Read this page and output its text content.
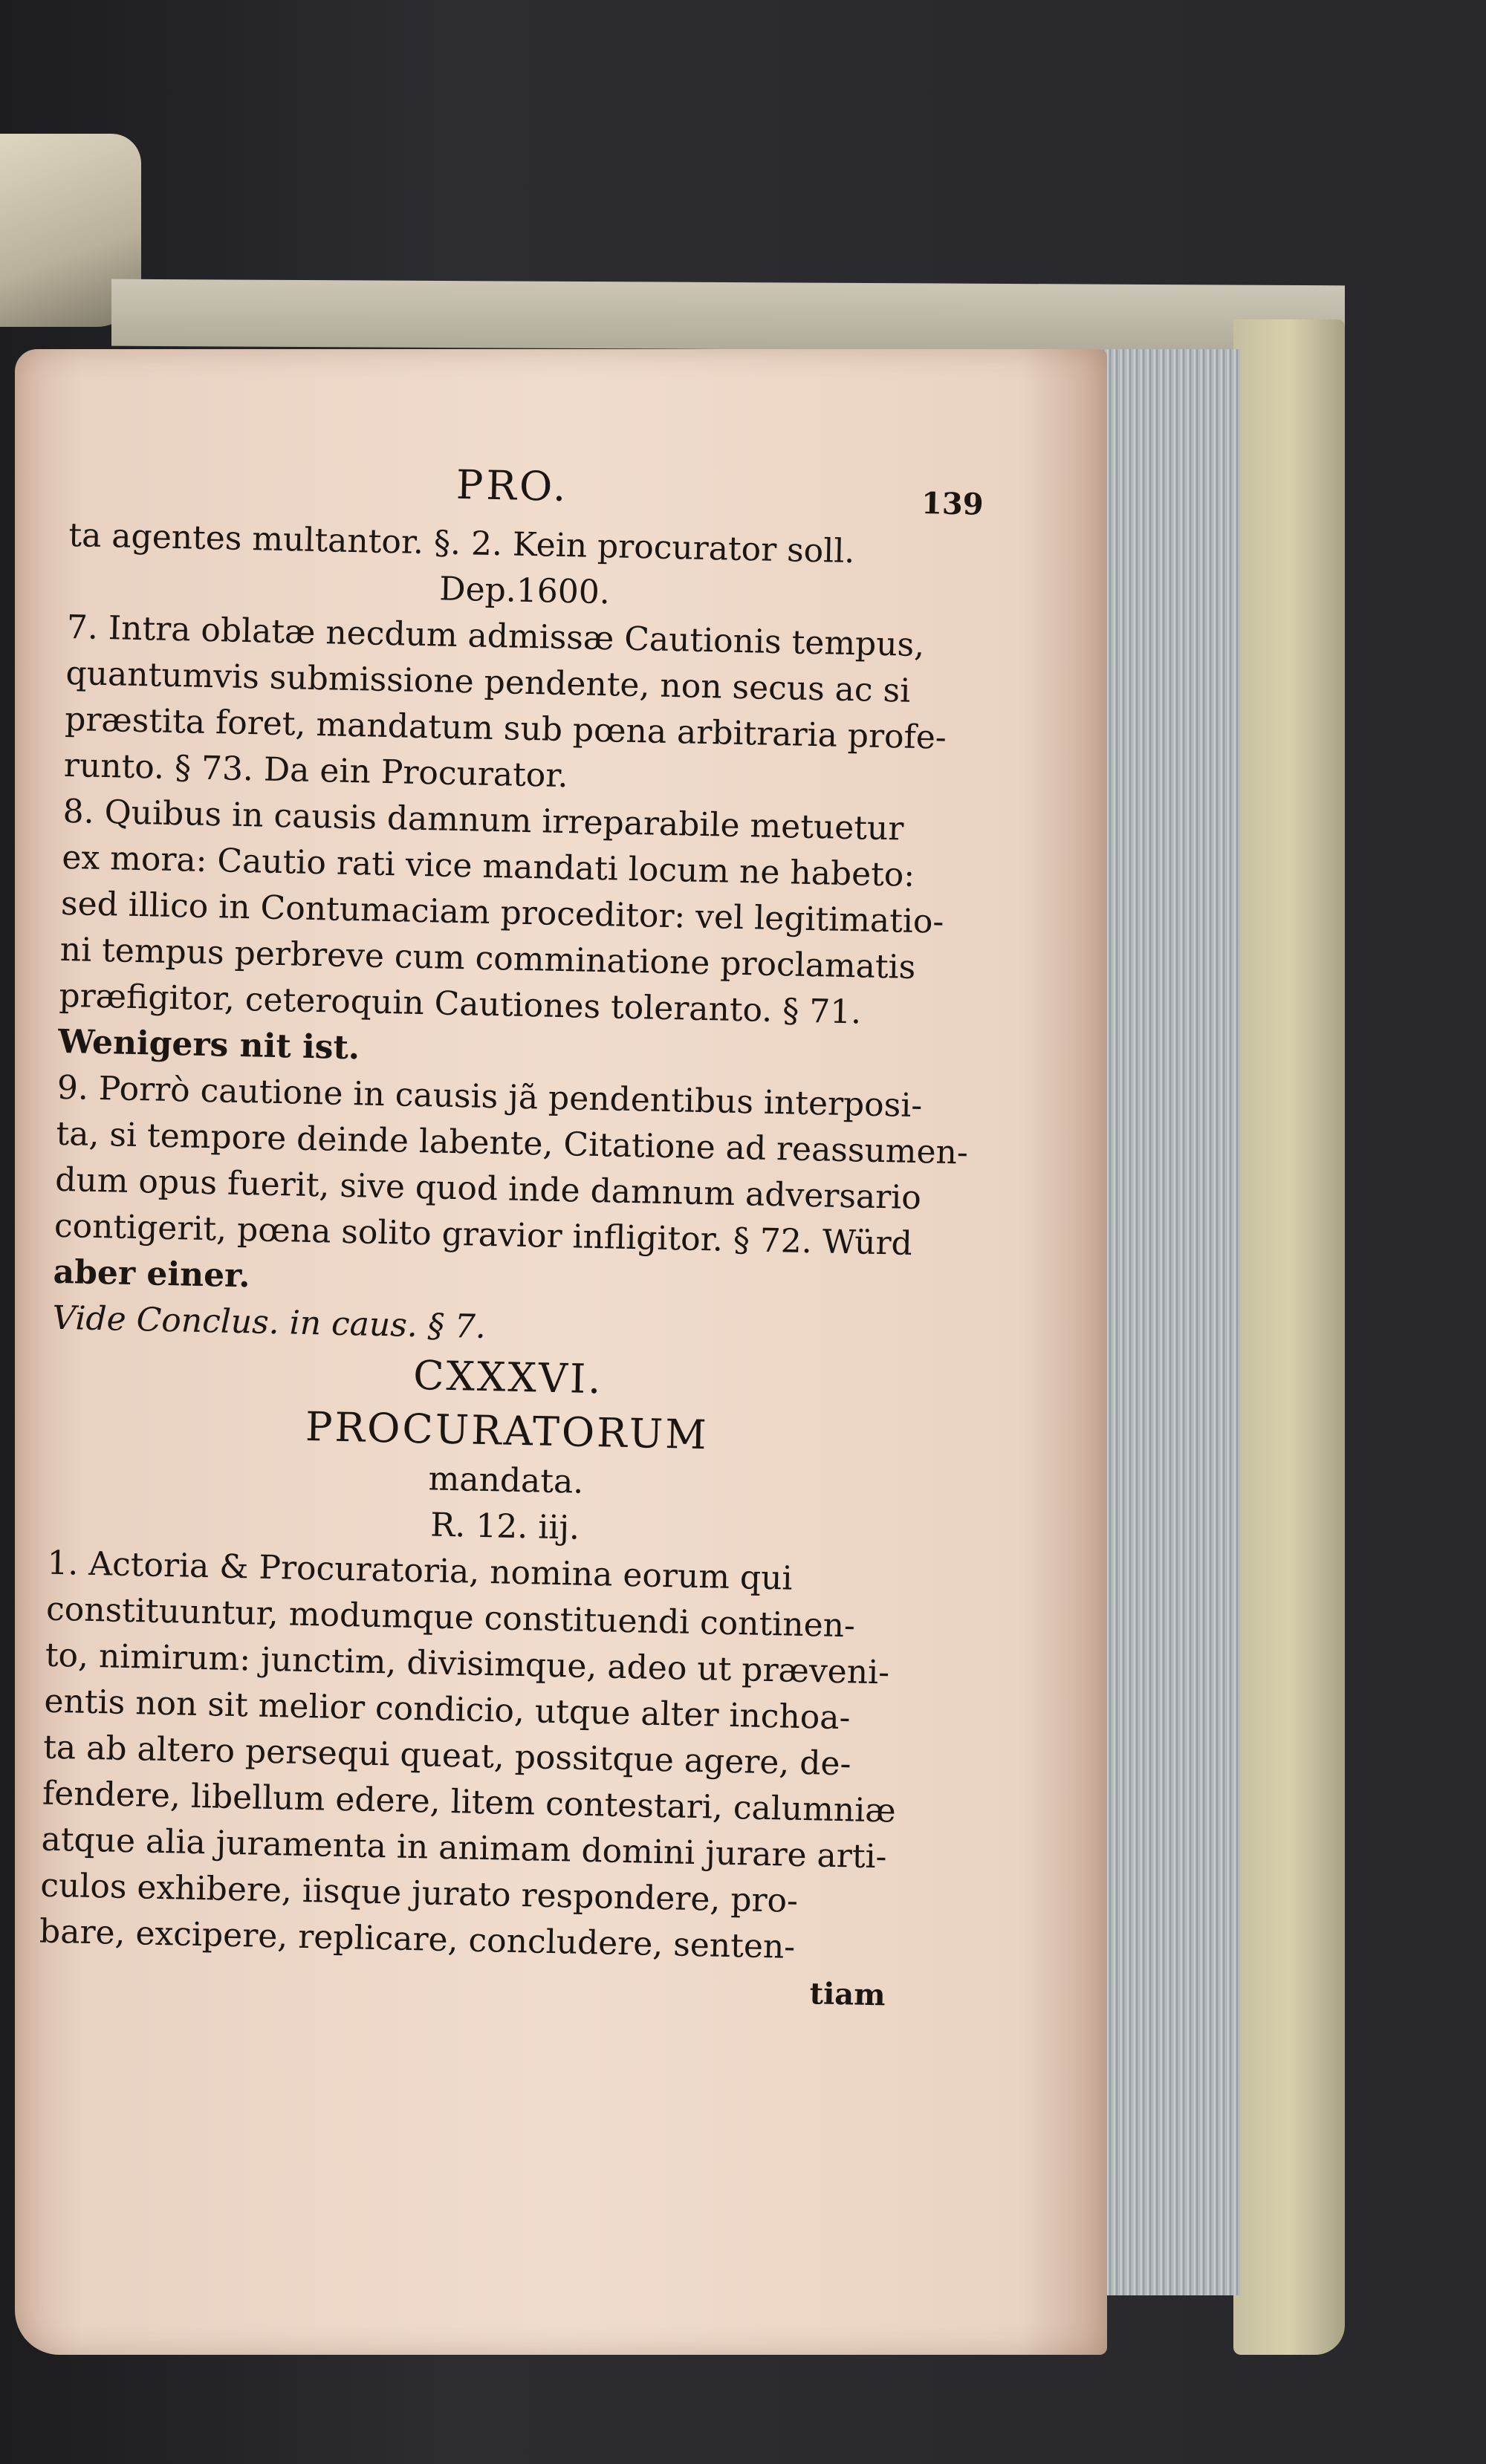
PRO.	139
ta agentes multantor. §. 2. Kein procurator soll.
Dep.1600.
7. Intra oblatæ necdum admissæ Cautionis tempus,
quantumvis submissione pendente, non secus ac si
præstita foret, mandatum sub pœna arbitraria profe-
runto. § 73. Da ein Procurator.
8. Quibus in causis damnum irreparabile metuetur
ex mora: Cautio rati vice mandati locum ne habeto:
sed illico in Contumaciam proceditor: vel legitimatio-
ni tempus perbreve cum comminatione proclamatis
præfigitor, ceteroquin Cautiones toleranto. § 71.
Wenigers nit ist.
9. Porrò cautione in causis jã pendentibus interposi-
ta, si tempore deinde labente, Citatione ad reassumen-
dum opus fuerit, sive quod inde damnum adversario
contigerit, pœna solito gravior infligitor. § 72. Würd
aber einer.
Vide Conclus. in caus. § 7.
CXXXVI.
PROCURATORUM
mandata.
R. 12. iij.
1. Actoria & Procuratoria, nomina eorum qui
constituuntur, modumque constituendi continen-
to, nimirum: junctim, divisimque, adeo ut præveni-
entis non sit melior condicio, utque alter inchoa-
ta ab altero persequi queat, possitque agere, de-
fendere, libellum edere, litem contestari, calumniæ
atque alia juramenta in animam domini jurare arti-
culos exhibere, iisque jurato respondere, pro-
bare, excipere, replicare, concludere, senten-
tiam
